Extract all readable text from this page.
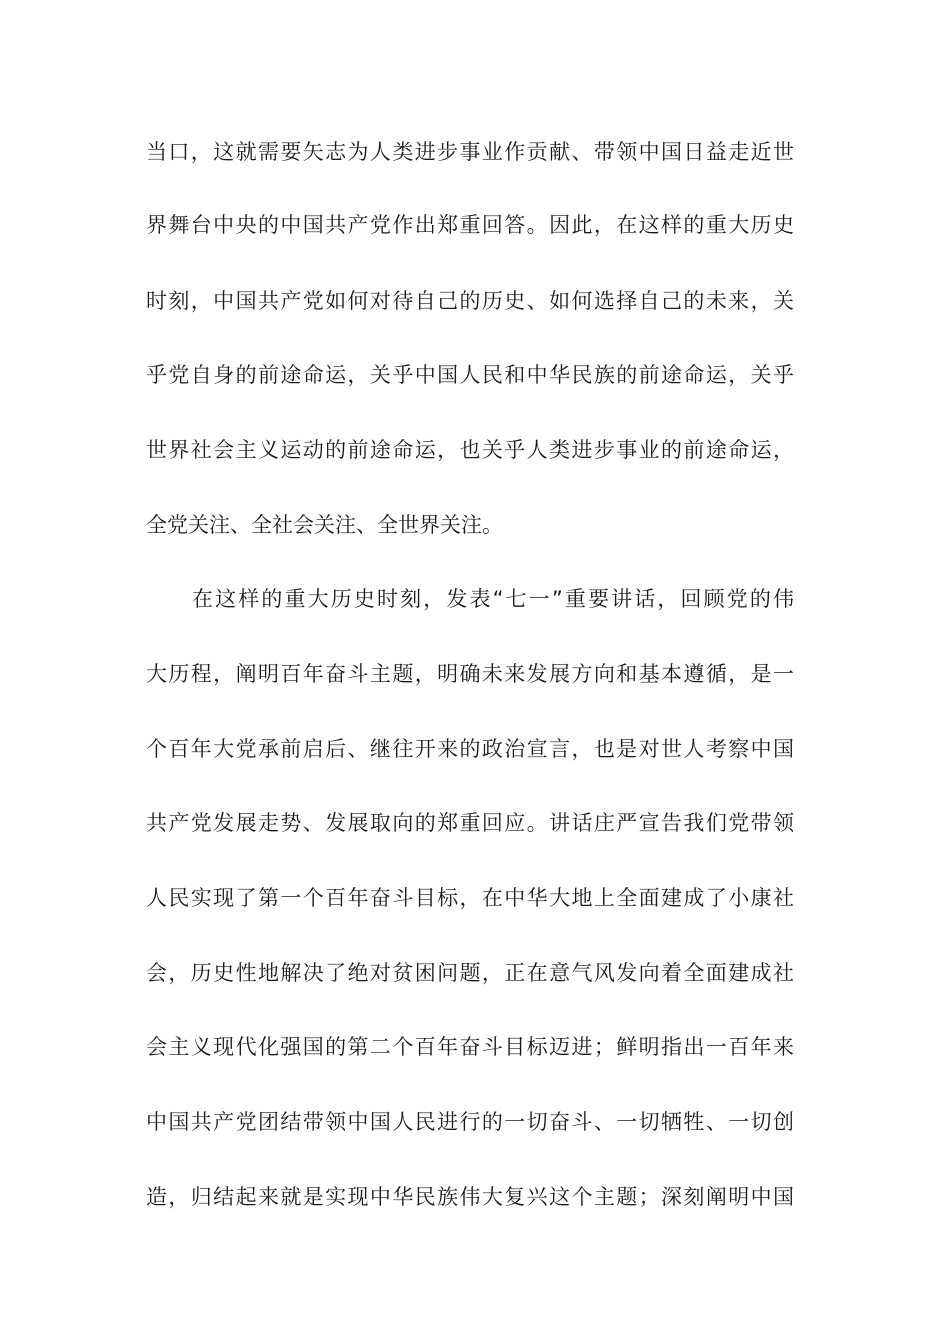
当口，这就需要矢志为人类进步事业作贡献、带领中国日益走近世
界舞台中央的中国共产党作出郑重回答。因此，在这样的重大历史
时刻，中国共产党如何对待自己的历史、如何选择自己的未来，关
乎党自身的前途命运，关乎中国人民和中华民族的前途命运，关乎
世界社会主义运动的前途命运，也关乎人类进步事业的前途命运，
全党关注、全社会关注、全世界关注。
在这样的重大历史时刻，发表“七一”重要讲话，回顾党的伟
大历程，阐明百年奋斗主题，明确未来发展方向和基本遵循，是一
个百年大党承前启后、继往开来的政治宣言，也是对世人考察中国
共产党发展走势、发展取向的郑重回应。讲话庄严宣告我们党带领
人民实现了第一个百年奋斗目标，在中华大地上全面建成了小康社
会，历史性地解决了绝对贫困问题，正在意气风发向着全面建成社
会主义现代化强国的第二个百年奋斗目标迈进；鲜明指出一百年来
中国共产党团结带领中国人民进行的一切奋斗、一切牺牲、一切创
造，归结起来就是实现中华民族伟大复兴这个主题；深刻阐明中国
